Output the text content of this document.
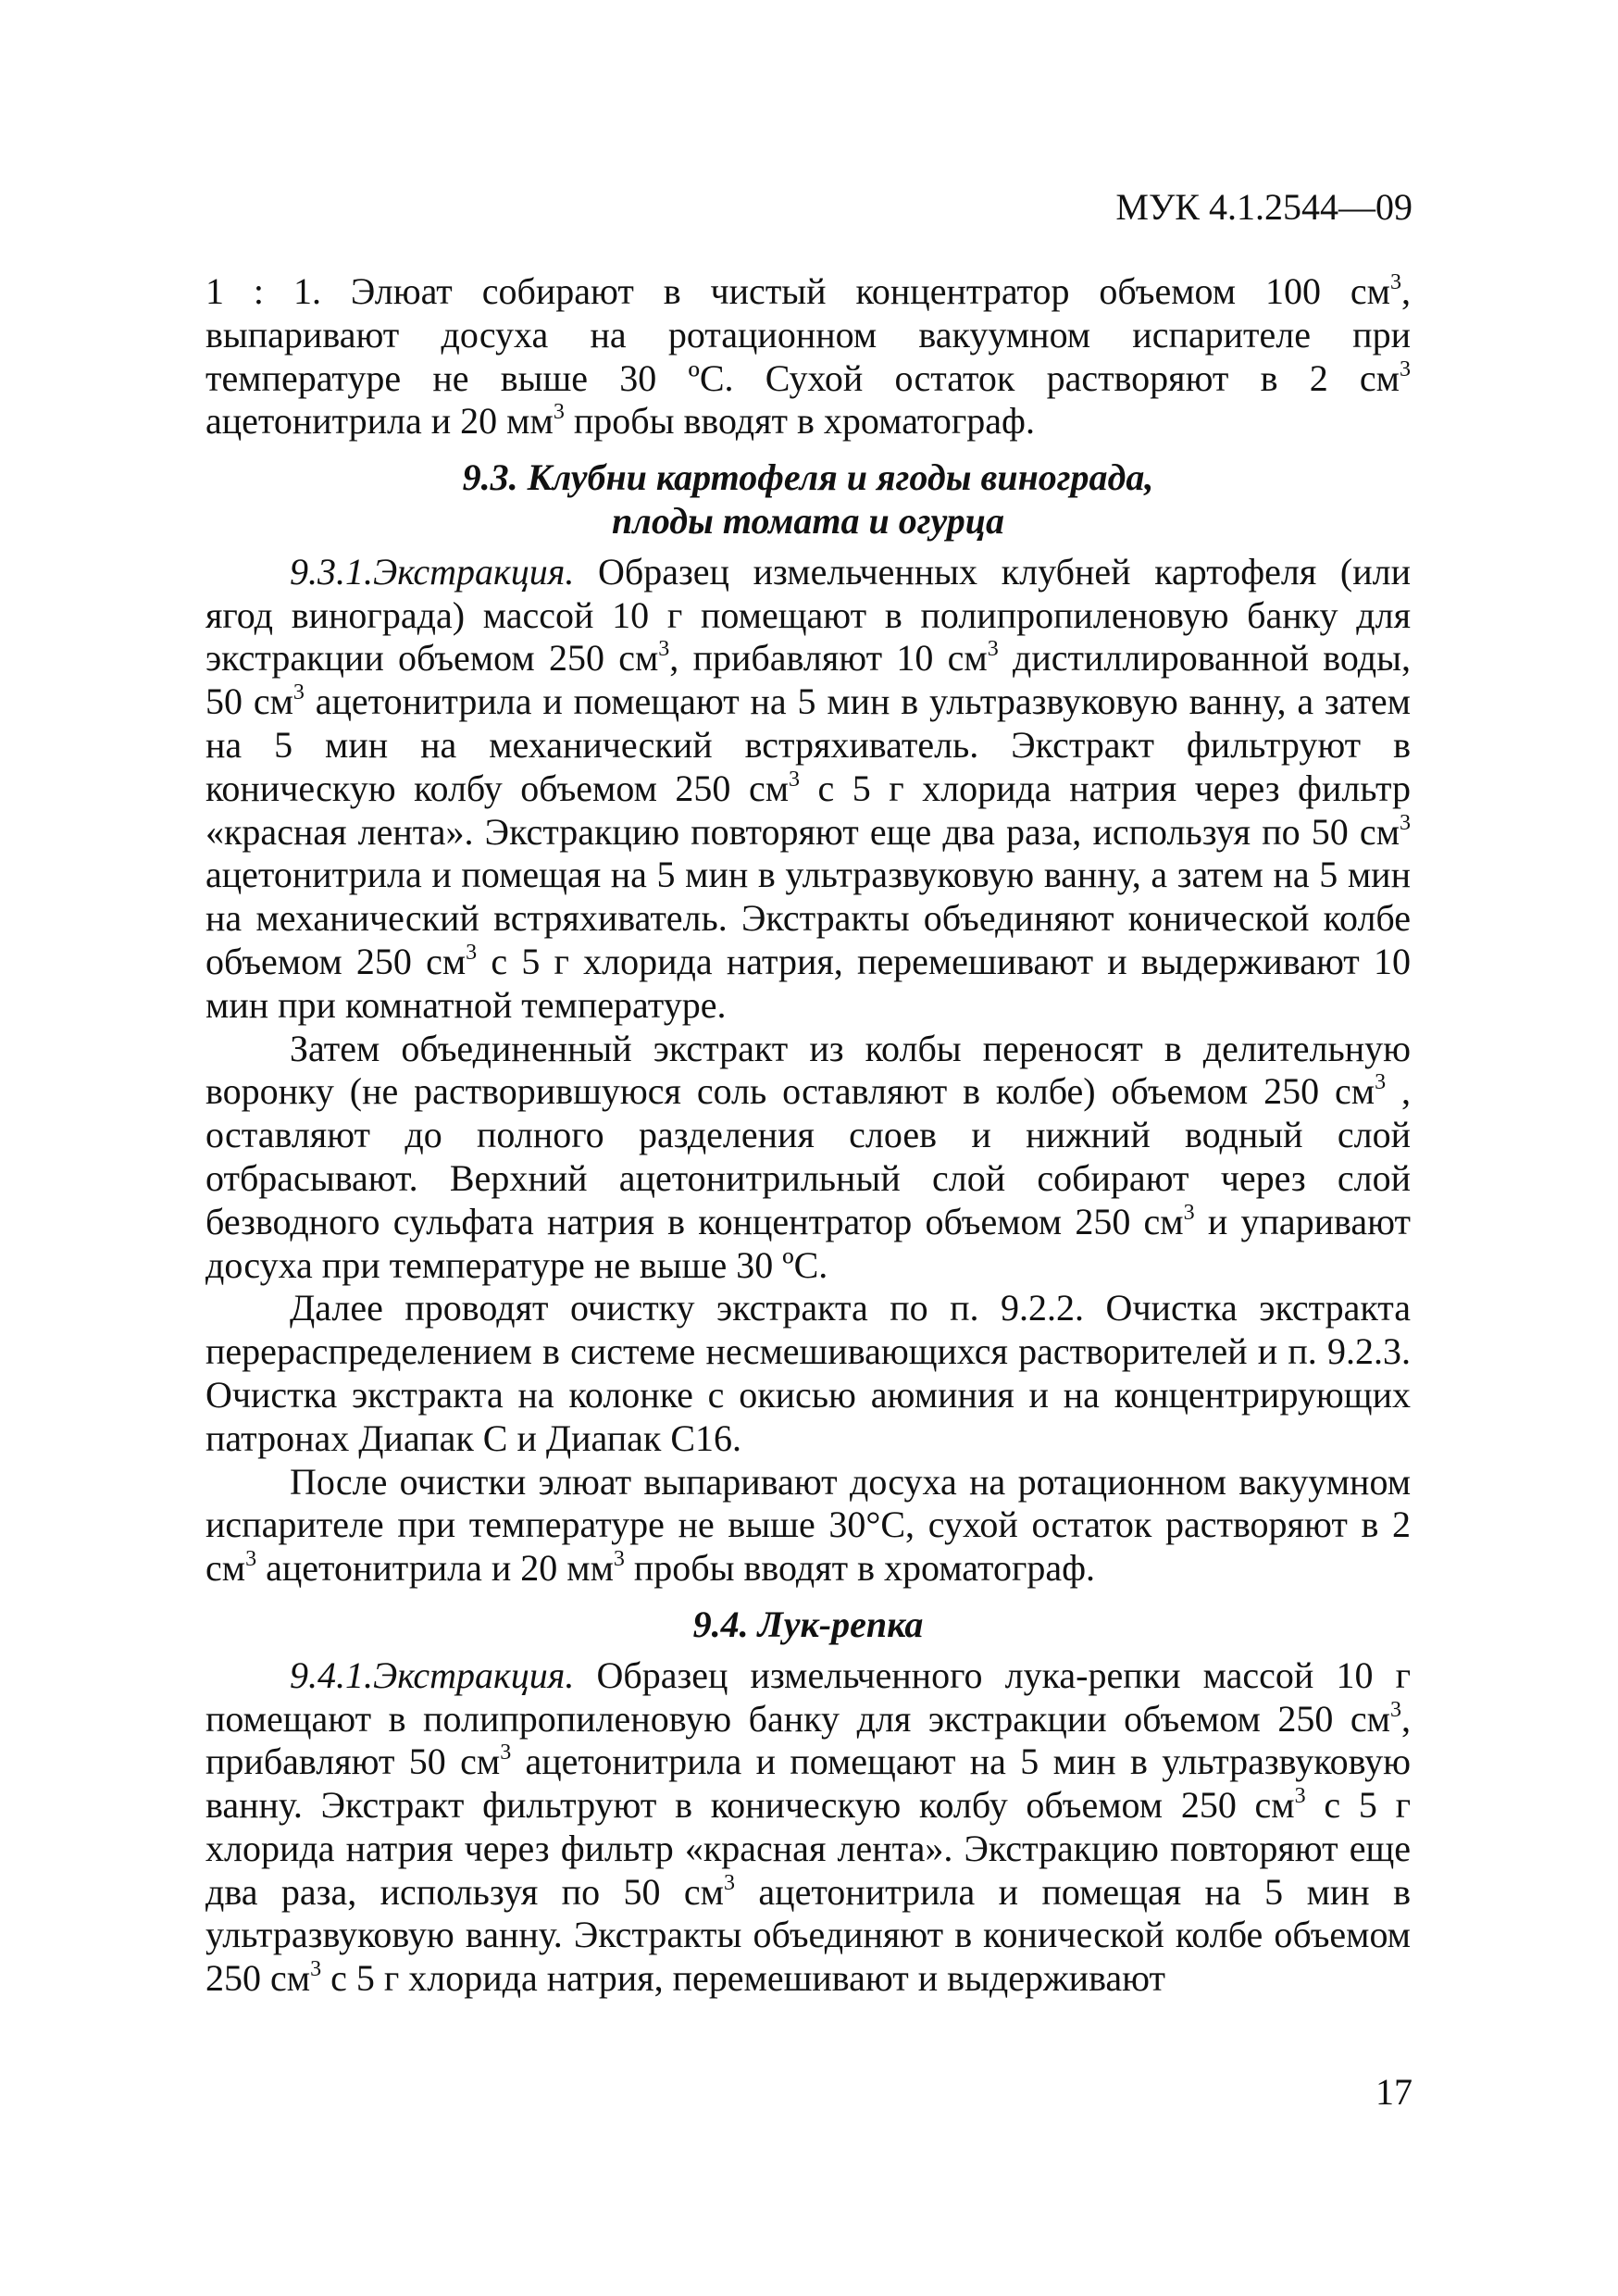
МУК 4.1.2544—09

1 : 1. Элюат собирают в чистый концентратор объемом 100 $см^3$, выпаривают досуха на ротационном вакуумном испарителе при температуре не выше 30 ºС. Сухой остаток растворяют в 2 $см^3$ ацетонитрила и 20 $мм^3$ пробы вводят в хроматограф.

9.3. Клубни картофеля и ягоды винограда,
плоды томата и огурца

9.3.1.Экстракция. Образец измельченных клубней картофеля (или ягод винограда) массой 10 г помещают в полипропиленовую банку для экстракции объемом 250 $см^3$, прибавляют 10 $см^3$ дистиллированной воды, 50 $см^3$ ацетонитрила и помещают на 5 мин в ультразвуковую ванну, а затем на 5 мин на механический встряхиватель. Экстракт фильтруют в коническую колбу объемом 250 $см^3$ с 5 г хлорида натрия через фильтр «красная лента». Экстракцию повторяют еще два раза, используя по 50 $см^3$ ацетонитрила и помещая на 5 мин в ультразвуковую ванну, а затем на 5 мин на механический встряхиватель. Экстракты объединяют конической колбе объемом 250 $см^3$ с 5 г хлорида натрия, перемешивают и выдерживают 10 мин при комнатной температуре.

Затем объединенный экстракт из колбы переносят в делительную воронку (не растворившуюся соль оставляют в колбе) объемом 250 $см^3$ , оставляют до полного разделения слоев и нижний водный слой отбрасывают. Верхний ацетонитрильный слой собирают через слой безводного сульфата натрия в концентратор объемом 250 $см^3$ и упаривают досуха при температуре не выше 30 ºС.

Далее проводят очистку экстракта по п. 9.2.2. Очистка экстракта перераспределением в системе несмешивающихся растворителей и п. 9.2.3. Очистка экстракта на колонке с окисью аюминия и на концентрирующих патронах Диапак С и Диапак С16.

После очистки элюат выпаривают досуха на ротационном вакуумном испарителе при температуре не выше 30°С, сухой остаток растворяют в 2 $см^3$ ацетонитрила и 20 $мм^3$ пробы вводят в хроматограф.

9.4. Лук-репка

9.4.1.Экстракция. Образец измельченного лука-репки массой 10 г помещают в полипропиленовую банку для экстракции объемом 250 $см^3$, прибавляют 50 $см^3$ ацетонитрила и помещают на 5 мин в ультразвуковую ванну. Экстракт фильтруют в коническую колбу объемом 250 $см^3$ с 5 г хлорида натрия через фильтр «красная лента». Экстракцию повторяют еще два раза, используя по 50 $см^3$ ацетонитрила и помещая на 5 мин в ультразвуковую ванну. Экстракты объединяют в конической колбе объемом 250 $см^3$ с 5 г хлорида натрия, перемешивают и выдерживают

17
